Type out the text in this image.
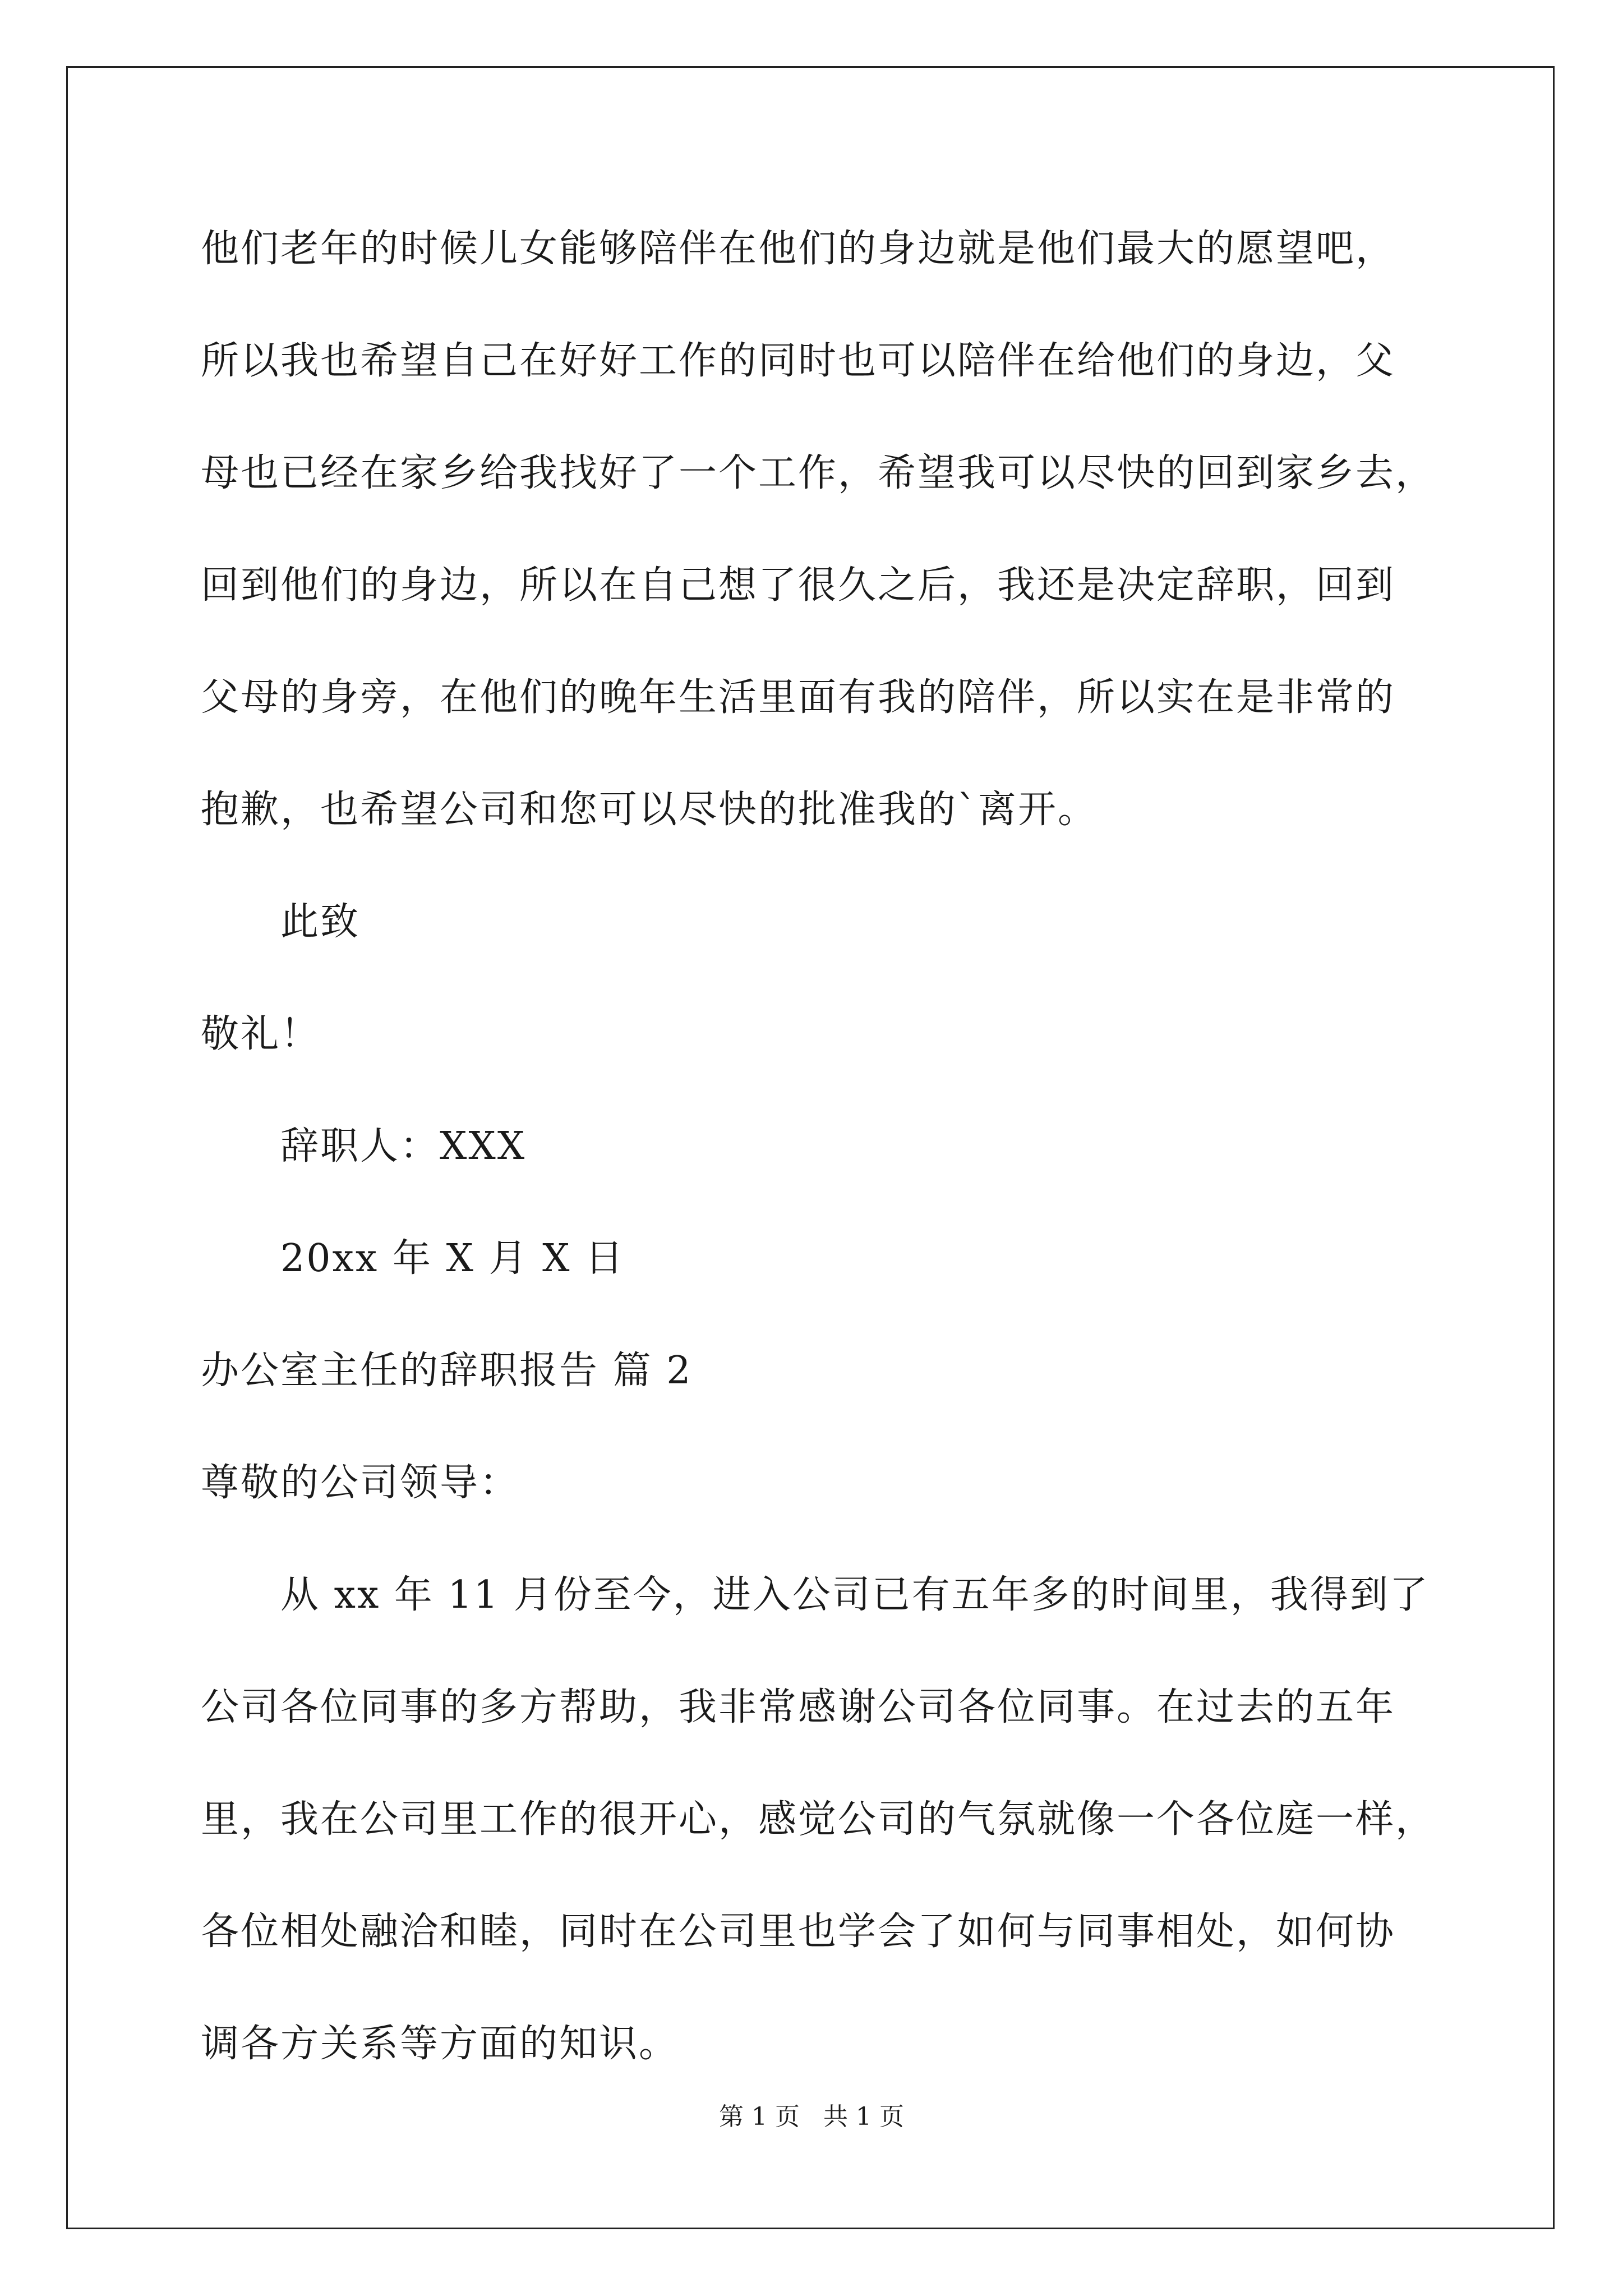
他们老年的时候儿女能够陪伴在他们的身边就是他们最大的愿望吧，
所以我也希望自己在好好工作的同时也可以陪伴在给他们的身边，父
母也已经在家乡给我找好了一个工作，希望我可以尽快的回到家乡去，
回到他们的身边，所以在自己想了很久之后，我还是决定辞职，回到
父母的身旁，在他们的晚年生活里面有我的陪伴，所以实在是非常的
抱歉，也希望公司和您可以尽快的批准我的`离开。
此致
敬礼！
辞职人：XXX
20xx 年 X 月 X 日
办公室主任的辞职报告 篇 2
尊敬的公司领导：
从 xx 年 11 月份至今，进入公司已有五年多的时间里，我得到了
公司各位同事的多方帮助，我非常感谢公司各位同事。在过去的五年
里，我在公司里工作的很开心，感觉公司的气氛就像一个各位庭一样，
各位相处融洽和睦，同时在公司里也学会了如何与同事相处，如何协
调各方关系等方面的知识。
第 1 页   共 1 页
